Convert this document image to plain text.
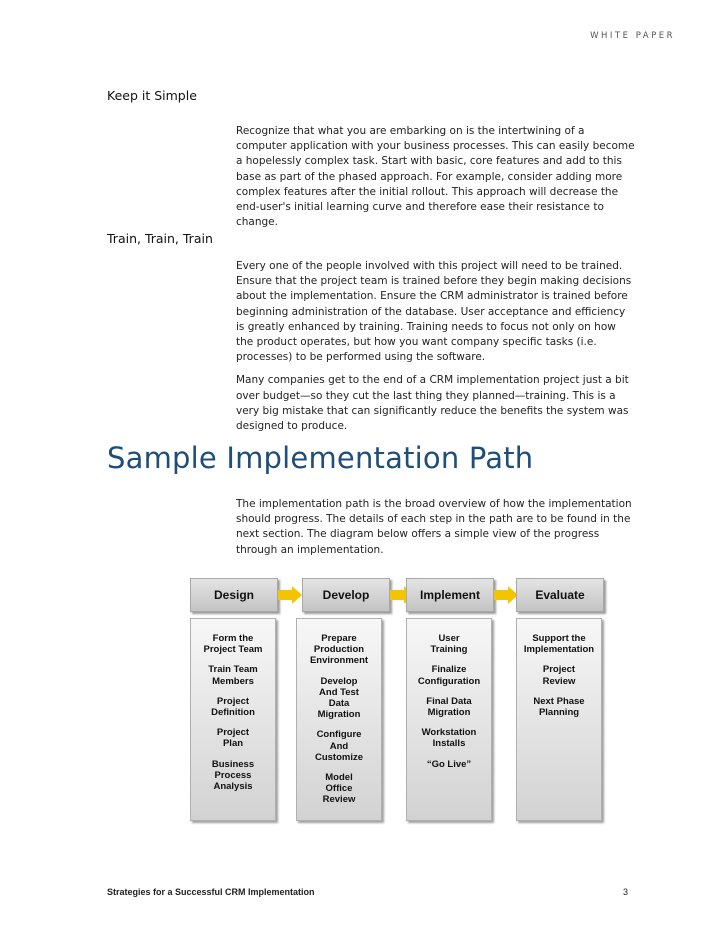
WHITE PAPER
Keep it Simple

Recognize that what you are embarking on is the intertwining of a computer application with your business processes. This can easily become a hopelessly complex task. Start with basic, core features and add to this base as part of the phased approach. For example, consider adding more complex features after the initial rollout. This approach will decrease the end-user's initial learning curve and therefore ease their resistance to change.

Train, Train, Train

Every one of the people involved with this project will need to be trained. Ensure that the project team is trained before they begin making decisions about the implementation. Ensure the CRM administrator is trained before beginning administration of the database. User acceptance and efficiency is greatly enhanced by training. Training needs to focus not only on how the product operates, but how you want company specific tasks (i.e. processes) to be performed using the software.

Many companies get to the end of a CRM implementation project just a bit over budget—so they cut the last thing they planned—training. This is a very big mistake that can significantly reduce the benefits the system was designed to produce.

Sample Implementation Path

The implementation path is the broad overview of how the implementation should progress. The details of each step in the path are to be found in the next section. The diagram below offers a simple view of the progress through an implementation.

Design	Develop	Implement	Evaluate
Form the
Project Team
Train Team
Members
Project
Definition
Project
Plan
Business
Process
Analysis
Prepare
Production
Environment
Develop
And Test
Data
Migration
Configure
And
Customize
Model
Office
Review
User
Training
Finalize
Configuration
Final Data
Migration
Workstation
Installs
“Go Live”
Support the
Implementation
Project
Review
Next Phase
Planning
Strategies for a Successful CRM Implementation	3
